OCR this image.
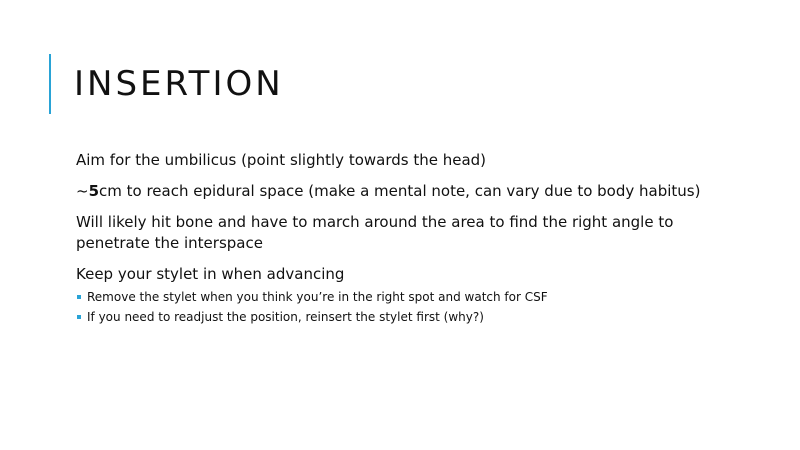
INSERTION

Aim for the umbilicus (point slightly towards the head)

~5cm to reach epidural space (make a mental note, can vary due to body habitus)

Will likely hit bone and have to march around the area to find the right angle to penetrate the interspace

Keep your stylet in when advancing

Remove the stylet when you think you’re in the right spot and watch for CSF
If you need to readjust the position, reinsert the stylet first (why?)
